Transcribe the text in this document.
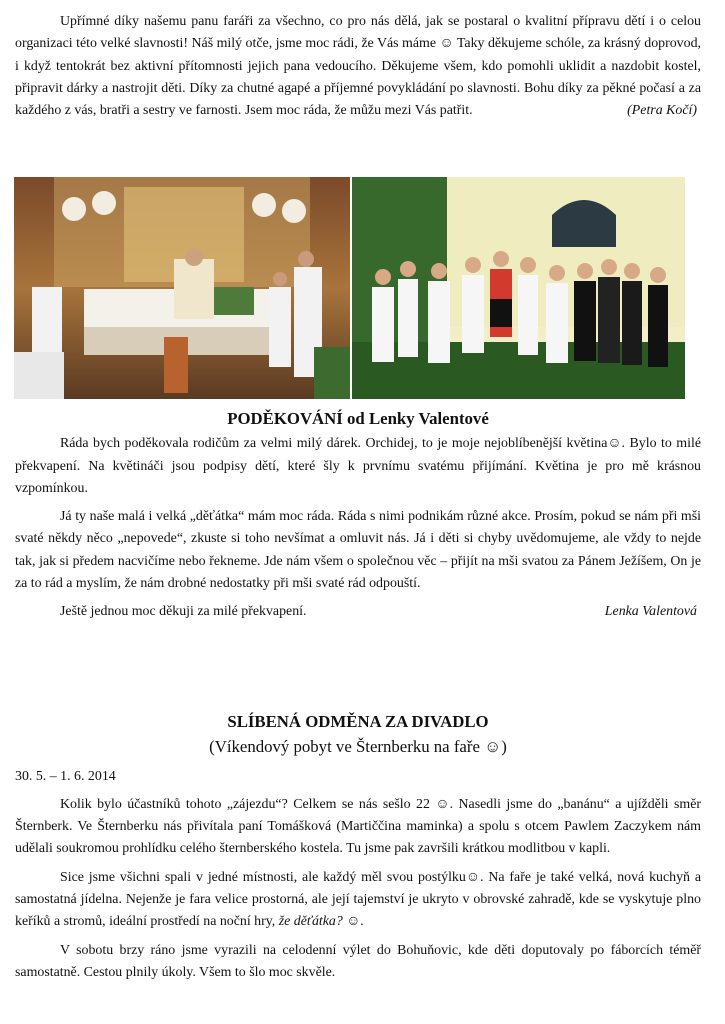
Upřímné díky našemu panu faráři za všechno, co pro nás dělá, jak se postaral o kvalitní přípravu dětí i o celou organizaci této velké slavnosti! Náš milý otče, jsme moc rádi, že Vás máme ☺ Taky děkujeme schóle, za krásný doprovod, i když tentokrát bez aktivní přítomnosti jejich pana vedoucího. Děkujeme všem, kdo pomohli uklidit a nazdobit kostel, připravit dárky a nastrojit děti. Díky za chutné agapé a příjemné povykládání po slavnosti. Bohu díky za pěkné počasí a za každého z vás, bratři a sestry ve farnosti. Jsem moc ráda, že můžu mezi Vás patřit.	(Petra Kočí)

PODĚKOVÁNÍ od Lenky Valentové

Ráda bych poděkovala rodičům za velmi milý dárek. Orchidej, to je moje nejoblíbenější květina☺. Bylo to milé překvapení. Na květináči jsou podpisy dětí, které šly k prvnímu svatému přijímání. Květina je pro mě krásnou vzpomínkou.

Já ty naše malá i velká „děťátka“ mám moc ráda. Ráda s nimi podnikám různé akce. Prosím, pokud se nám při mši svaté někdy něco „nepovede“, zkuste si toho nevšímat a omluvit nás. Já i děti si chyby uvědomujeme, ale vždy to nejde tak, jak si předem nacvičíme nebo řekneme. Jde nám všem o společnou věc – přijít na mši svatou za Pánem Ježíšem, On je za to rád a myslím, že nám drobné nedostatky při mši svaté rád odpouští.

Ještě jednou moc děkuji za milé překvapení.	Lenka Valentová

SLÍBENÁ ODMĚNA ZA DIVADLO
(Víkendový pobyt ve Šternberku na faře ☺)
30. 5. – 1. 6. 2014

Kolik bylo účastníků tohoto „zájezdu“? Celkem se nás sešlo 22 ☺. Nasedli jsme do „banánu“ a ujížděli směr Šternberk. Ve Šternberku nás přivítala paní Tomášková (Martiččina maminka) a spolu s otcem Pawlem Zaczykem nám udělali soukromou prohlídku celého šternberského kostela. Tu jsme pak završili krátkou modlitbou v kapli.

Sice jsme všichni spali v jedné místnosti, ale každý měl svou postýlku☺. Na faře je také velká, nová kuchyň a samostatná jídelna. Nejenže je fara velice prostorná, ale její tajemství je ukryto v obrovské zahradě, kde se vyskytuje plno keříků a stromů, ideální prostředí na noční hry, že děťátka? ☺.

V sobotu brzy ráno jsme vyrazili na celodenní výlet do Bohuňovic, kde děti doputovaly po fáborcích téměř samostatně. Cestou plnily úkoly. Všem to šlo moc skvěle.
